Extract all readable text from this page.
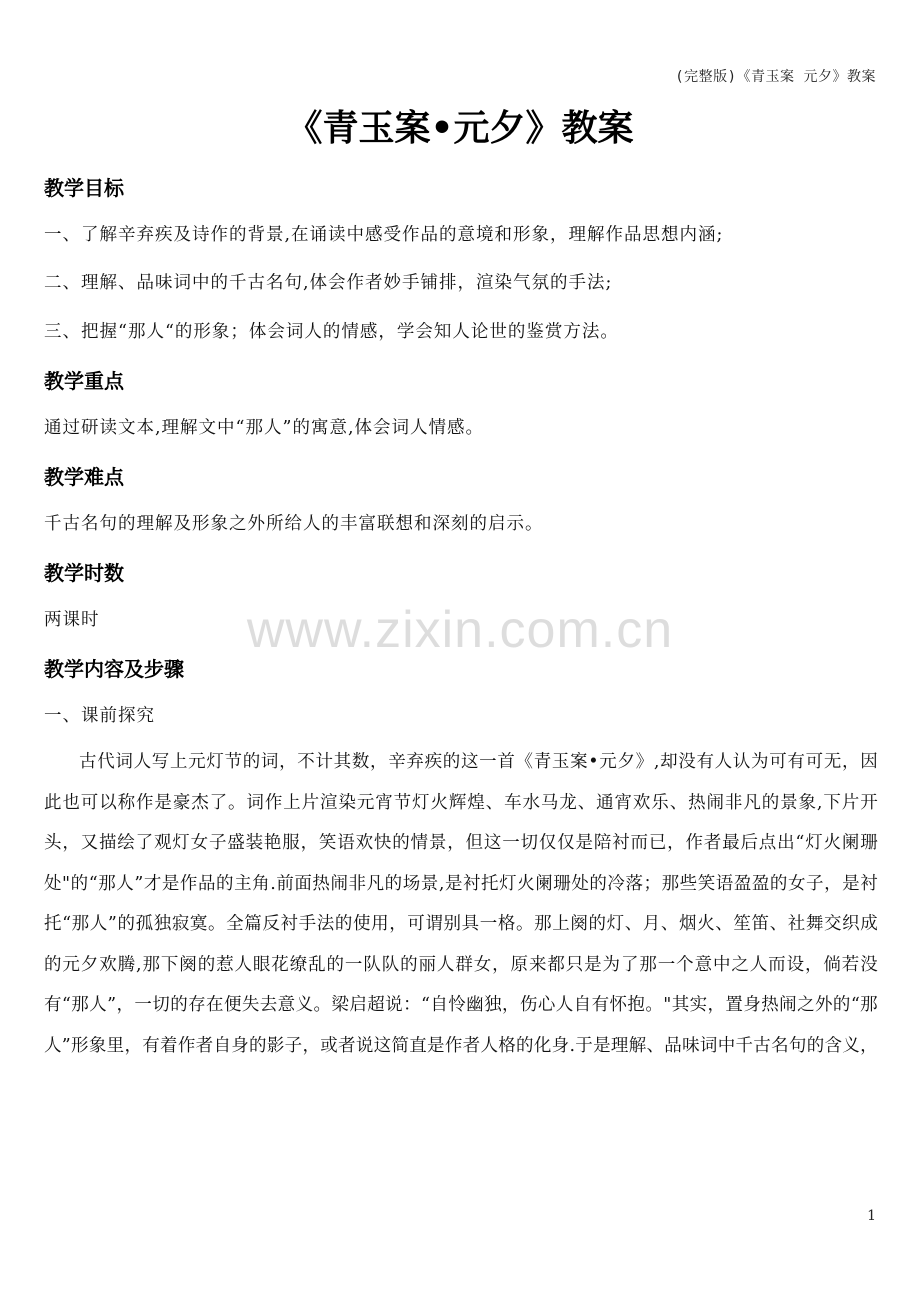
(完整版)《青玉案 元夕》教案
《青玉案•元夕》教案
教学目标
一、了解辛弃疾及诗作的背景,在诵读中感受作品的意境和形象，理解作品思想内涵;
二、理解、品味词中的千古名句,体会作者妙手铺排，渲染气氛的手法;
三、把握“那人“的形象；体会词人的情感，学会知人论世的鉴赏方法。
教学重点
通过研读文本,理解文中“那人”的寓意,体会词人情感。
教学难点
千古名句的理解及形象之外所给人的丰富联想和深刻的启示。
教学时数
两课时	www.zixin.com.cn
教学内容及步骤
一、课前探究
古代词人写上元灯节的词，不计其数，辛弃疾的这一首《青玉案•元夕》,却没有人认为可有可无，因此也可以称作是豪杰了。词作上片渲染元宵节灯火辉煌、车水马龙、通宵欢乐、热闹非凡的景象,下片开头，又描绘了观灯女子盛装艳服，笑语欢快的情景，但这一切仅仅是陪衬而已，作者最后点出“灯火阑珊处"的“那人”才是作品的主角.前面热闹非凡的场景,是衬托灯火阑珊处的冷落；那些笑语盈盈的女子，是衬托“那人”的孤独寂寞。全篇反衬手法的使用，可谓别具一格。那上阕的灯、月、烟火、笙笛、社舞交织成的元夕欢腾,那下阕的惹人眼花缭乱的一队队的丽人群女，原来都只是为了那一个意中之人而设，倘若没有“那人”，一切的存在便失去意义。梁启超说：“自怜幽独，伤心人自有怀抱。"其实，置身热闹之外的“那人”形象里，有着作者自身的影子，或者说这简直是作者人格的化身.于是理解、品味词中千古名句的含义，
1
